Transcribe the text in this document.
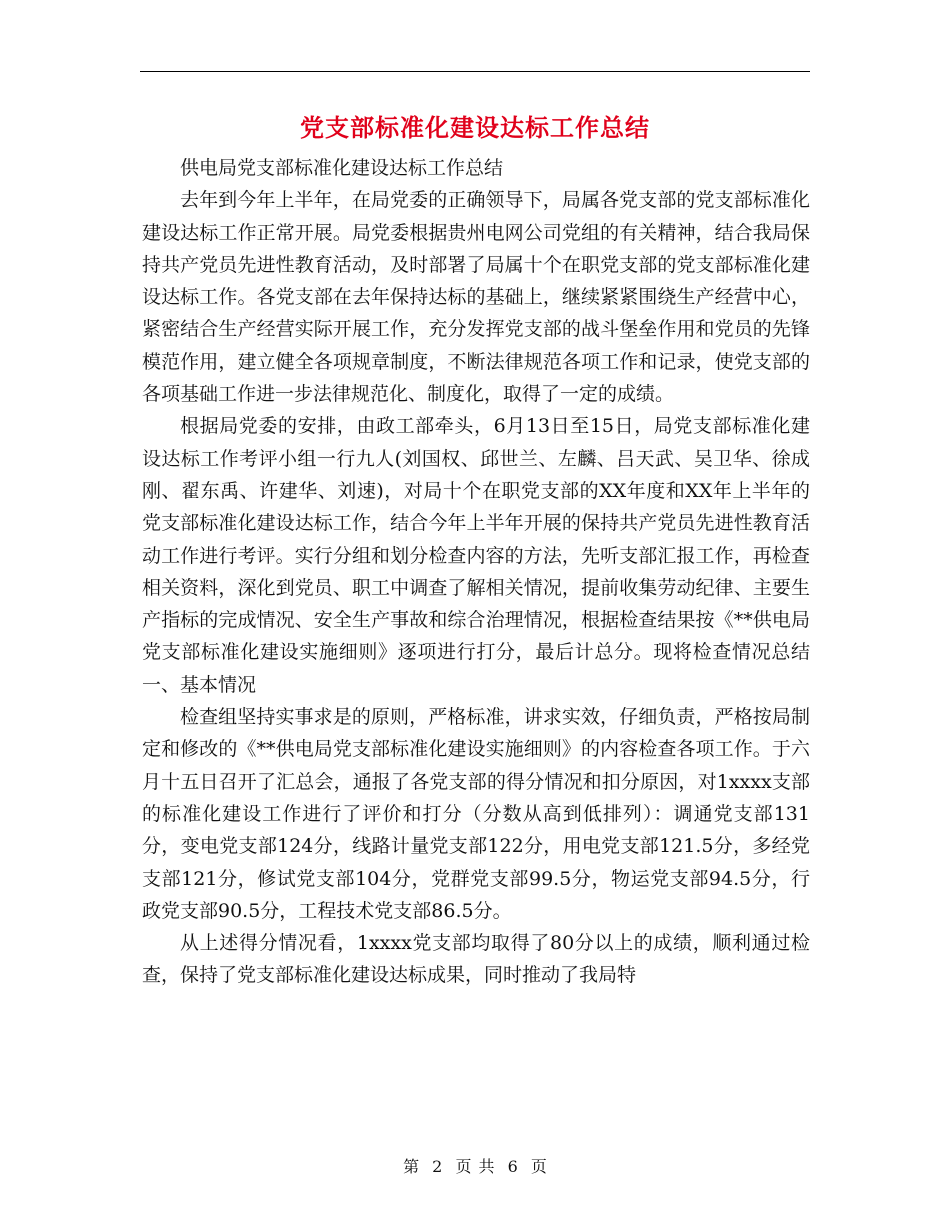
党支部标准化建设达标工作总结

供电局党支部标准化建设达标工作总结

去年到今年上半年，在局党委的正确领导下，局属各党支部的党支部标准化建设达标工作正常开展。局党委根据贵州电网公司党组的有关精神，结合我局保持共产党员先进性教育活动，及时部署了局属十个在职党支部的党支部标准化建设达标工作。各党支部在去年保持达标的基础上，继续紧紧围绕生产经营中心，紧密结合生产经营实际开展工作，充分发挥党支部的战斗堡垒作用和党员的先锋模范作用，建立健全各项规章制度，不断法律规范各项工作和记录，使党支部的各项基础工作进一步法律规范化、制度化，取得了一定的成绩。

根据局党委的安排，由政工部牵头，6月13日至15日，局党支部标准化建设达标工作考评小组一行九人(刘国权、邱世兰、左麟、吕天武、吴卫华、徐成刚、翟东禹、许建华、刘速)，对局十个在职党支部的XX年度和XX年上半年的党支部标准化建设达标工作，结合今年上半年开展的保持共产党员先进性教育活动工作进行考评。实行分组和划分检查内容的方法，先听支部汇报工作，再检查相关资料，深化到党员、职工中调查了解相关情况，提前收集劳动纪律、主要生产指标的完成情况、安全生产事故和综合治理情况，根据检查结果按《**供电局党支部标准化建设实施细则》逐项进行打分，最后计总分。现将检查情况总结　　　　一、基本情况

检查组坚持实事求是的原则，严格标准，讲求实效，仔细负责，严格按局制定和修改的《**供电局党支部标准化建设实施细则》的内容检查各项工作。于六月十五日召开了汇总会，通报了各党支部的得分情况和扣分原因，对1xxxx支部的标准化建设工作进行了评价和打分（分数从高到低排列）：调通党支部131分，变电党支部124分，线路计量党支部122分，用电党支部121.5分，多经党支部121分，修试党支部104分，党群党支部99.5分，物运党支部94.5分，行政党支部90.5分，工程技术党支部86.5分。

从上述得分情况看，1xxxx党支部均取得了80分以上的成绩，顺利通过检查，保持了党支部标准化建设达标成果，同时推动了我局特

第 2 页 共 6 页
